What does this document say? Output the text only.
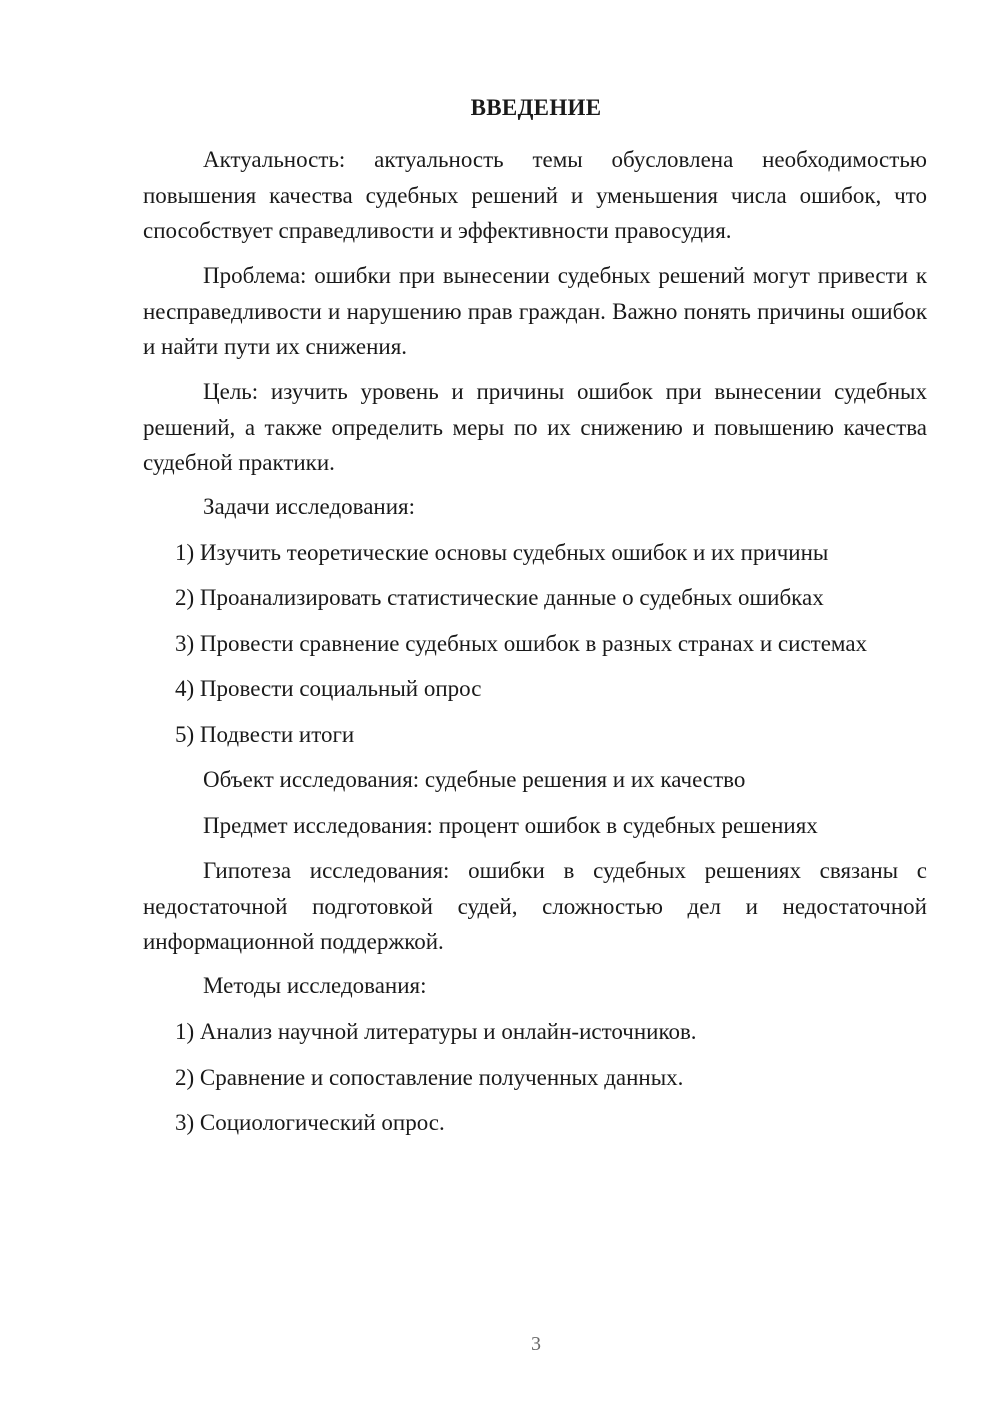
ВВЕДЕНИЕ
Актуальность: актуальность темы обусловлена необходимостью повышения качества судебных решений и уменьшения числа ошибок, что способствует справедливости и эффективности правосудия.
Проблема: ошибки при вынесении судебных решений могут привести к несправедливости и нарушению прав граждан. Важно понять причины ошибок и найти пути их снижения.
Цель: изучить уровень и причины ошибок при вынесении судебных решений, а также определить меры по их снижению и повышению качества судебной практики.
Задачи исследования:
1) Изучить теоретические основы судебных ошибок и их причины
2) Проанализировать статистические данные о судебных ошибках
3) Провести сравнение судебных ошибок в разных странах и системах
4) Провести социальный опрос
5) Подвести итоги
Объект исследования: судебные решения и их качество
Предмет исследования: процент ошибок в судебных решениях
Гипотеза исследования: ошибки в судебных решениях связаны с недостаточной подготовкой судей, сложностью дел и недостаточной информационной поддержкой.
Методы исследования:
1) Анализ научной литературы и онлайн-источников.
2) Сравнение и сопоставление полученных данных.
3) Социологический опрос.
3
